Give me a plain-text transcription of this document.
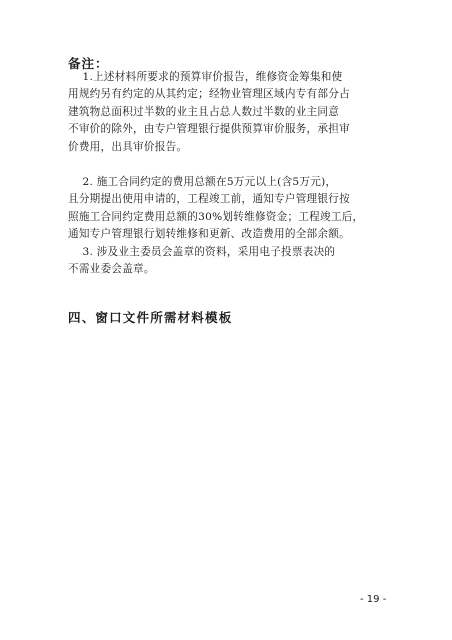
备注：
1.上述材料所要求的预算审价报告，维修资金筹集和使
用规约另有约定的从其约定；经物业管理区域内专有部分占
建筑物总面积过半数的业主且占总人数过半数的业主同意
不审价的除外，由专户管理银行提供预算审价服务，承担审
价费用，出具审价报告。
2. 施工合同约定的费用总额在5万元以上(含5万元)，
且分期提出使用申请的，工程竣工前，通知专户管理银行按
照施工合同约定费用总额的30%划转维修资金；工程竣工后，
通知专户管理银行划转维修和更新、改造费用的全部余额。
3. 涉及业主委员会盖章的资料，采用电子投票表决的
不需业委会盖章。
四、窗口文件所需材料模板
- 19 -
